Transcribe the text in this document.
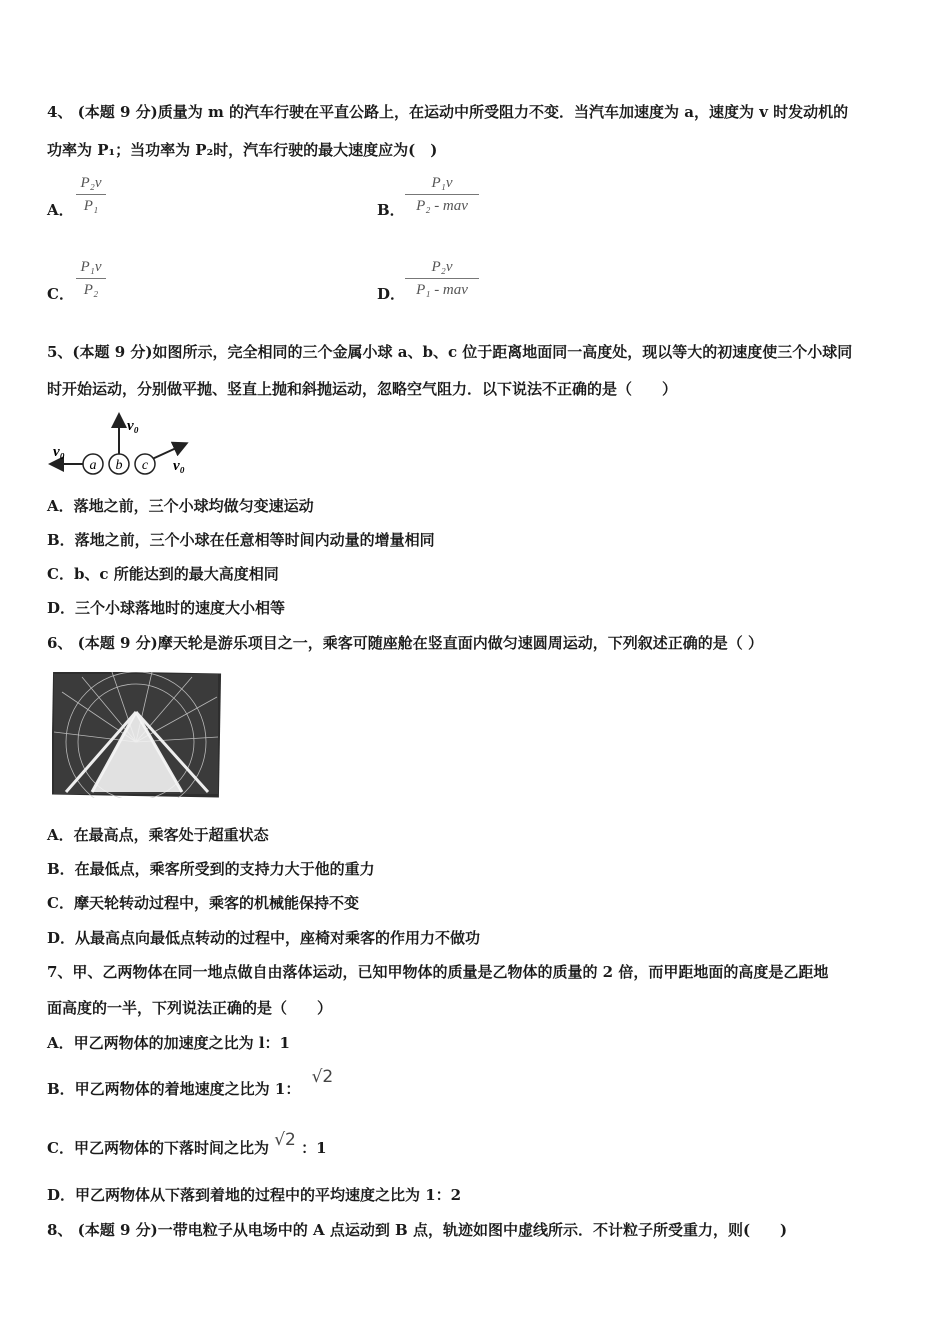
4、 (本题 9 分)质量为 m 的汽车行驶在平直公路上，在运动中所受阻力不变．当汽车加速度为 a，速度为 v 时发动机的
功率为 P₁；当功率为 P₂时，汽车行驶的最大速度应为(　)
A．
P₂v
P₁	B．
P₁v
P₂ - mav
C．
P₁v
P₂	D．
P₂v
P₁ - mav
5、(本题 9 分)如图所示，完全相同的三个金属小球 a、b、c 位于距离地面同一高度处，现以等大的初速度使三个小球同
时开始运动，分别做平抛、竖直上抛和斜抛运动，忽略空气阻力．以下说法不正确的是（　　）
a b c
v₀
v₀
v₀
A．落地之前，三个小球均做匀变速运动
B．落地之前，三个小球在任意相等时间内动量的增量相同
C．b、c 所能达到的最大高度相同
D．三个小球落地时的速度大小相等
6、 (本题 9 分)摩天轮是游乐项目之一，乘客可随座舱在竖直面内做匀速圆周运动，下列叙述正确的是（ ）
A．在最高点，乘客处于超重状态
B．在最低点，乘客所受到的支持力大于他的重力
C．摩天轮转动过程中，乘客的机械能保持不变
D．从最高点向最低点转动的过程中，座椅对乘客的作用力不做功
7、甲、乙两物体在同一地点做自由落体运动，已知甲物体的质量是乙物体的质量的 2 倍，而甲距地面的高度是乙距地
面高度的一半，下列说法正确的是（　　）
A．甲乙两物体的加速度之比为 l：1
B．甲乙两物体的着地速度之比为 1： √2
C．甲乙两物体的下落时间之比为 √2 ：1
D．甲乙两物体从下落到着地的过程中的平均速度之比为 1：2
8、 (本题 9 分)一带电粒子从电场中的 A 点运动到 B 点，轨迹如图中虚线所示．不计粒子所受重力，则(　　)
